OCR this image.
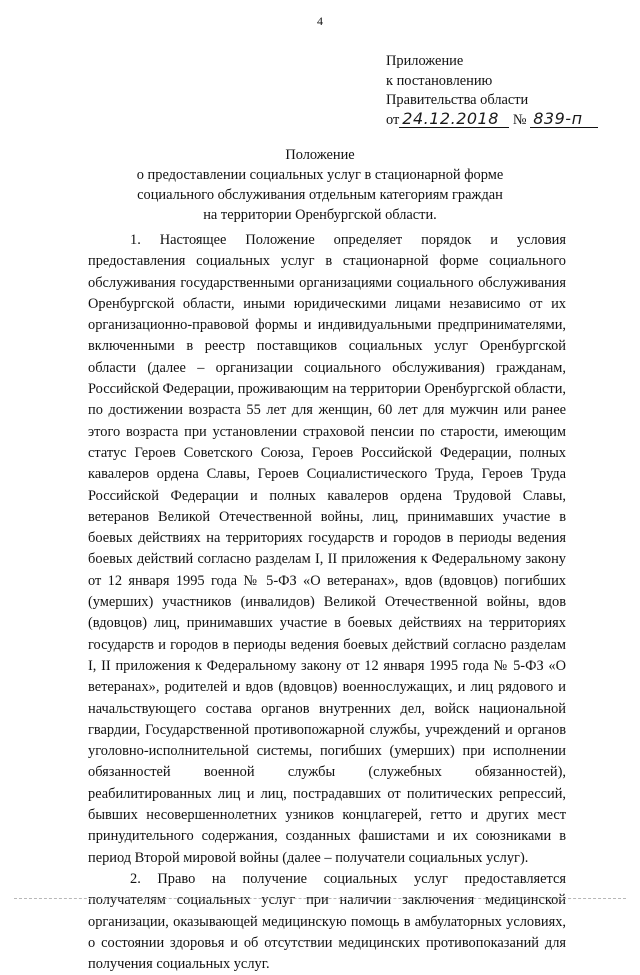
4
Приложение
к постановлению
Правительства области
от 24.12.2018 № 839-п
Положение
о предоставлении социальных услуг в стационарной форме
социального обслуживания отдельным категориям граждан
на территории Оренбургской области.

1. Настоящее Положение определяет порядок и условия предоставления социальных услуг в стационарной форме социального обслуживания государственными организациями социального обслуживания Оренбургской области, иными юридическими лицами независимо от их организационно-правовой формы и индивидуальными предпринимателями, включенными в реестр поставщиков социальных услуг Оренбургской области (далее – организации социального обслуживания) гражданам, Российской Федерации, проживающим на территории Оренбургской области, по достижении возраста 55 лет для женщин, 60 лет для мужчин или ранее этого возраста при установлении страховой пенсии по старости, имеющим статус Героев Советского Союза, Героев Российской Федерации, полных кавалеров ордена Славы, Героев Социалистического Труда, Героев Труда Российской Федерации и полных кавалеров ордена Трудовой Славы, ветеранов Великой Отечественной войны, лиц, принимавших участие в боевых действиях на территориях государств и городов в периоды ведения боевых действий согласно разделам I, II приложения к Федеральному закону от 12 января 1995 года № 5-ФЗ «О ветеранах», вдов (вдовцов) погибших (умерших) участников (инвалидов) Великой Отечественной войны, вдов (вдовцов) лиц, принимавших участие в боевых действиях на территориях государств и городов в периоды ведения боевых действий согласно разделам I, II приложения к Федеральному закону от 12 января 1995 года № 5-ФЗ «О ветеранах», родителей и вдов (вдовцов) военнослужащих, и лиц рядового и начальствующего состава органов внутренних дел, войск национальной гвардии, Государственной противопожарной службы, учреждений и органов уголовно-исполнительной системы, погибших (умерших) при исполнении обязанностей военной службы (служебных обязанностей), реабилитированных лиц и лиц, пострадавших от политических репрессий, бывших несовершеннолетних узников концлагерей, гетто и других мест принудительного содержания, созданных фашистами и их союзниками в период Второй мировой войны (далее – получатели социальных услуг).

2. Право на получение социальных услуг предоставляется получателям социальных услуг при наличии заключения медицинской организации, оказывающей медицинскую помощь в амбулаторных условиях, о состоянии здоровья и об отсутствии медицинских противопоказаний для получения социальных услуг.
